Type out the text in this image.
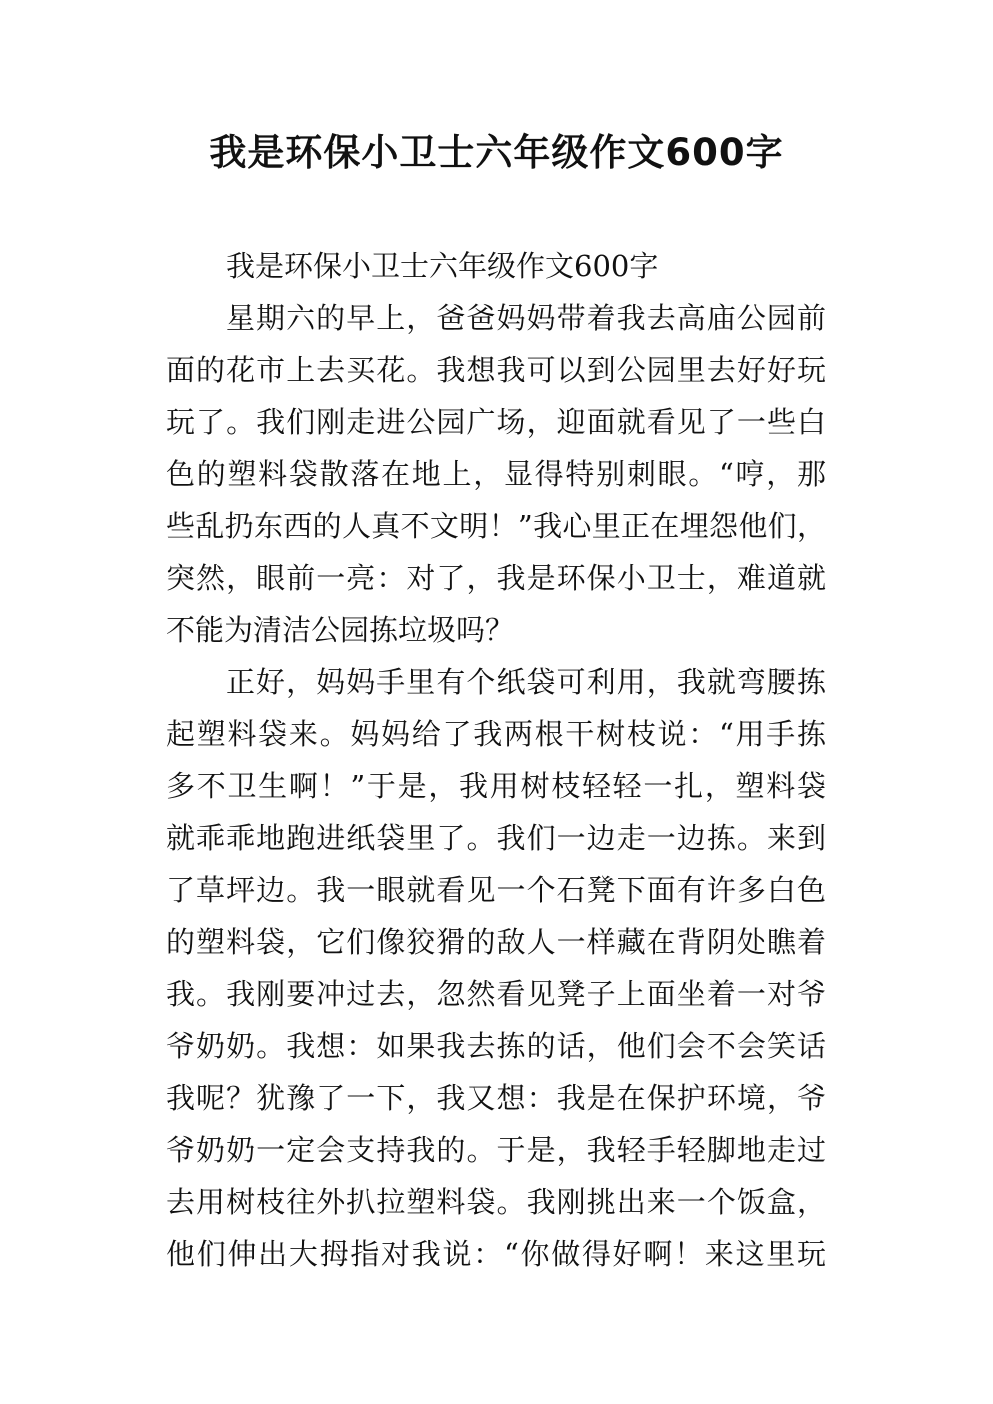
我是环保小卫士六年级作文600字
我是环保小卫士六年级作文600字
星期六的早上，爸爸妈妈带着我去高庙公园前
面的花市上去买花。我想我可以到公园里去好好玩
玩了。我们刚走进公园广场，迎面就看见了一些白
色的塑料袋散落在地上，显得特别刺眼。“哼，那
些乱扔东西的人真不文明！”我心里正在埋怨他们，
突然，眼前一亮：对了，我是环保小卫士，难道就
不能为清洁公园拣垃圾吗？
正好，妈妈手里有个纸袋可利用，我就弯腰拣
起塑料袋来。妈妈给了我两根干树枝说：“用手拣
多不卫生啊！”于是，我用树枝轻轻一扎，塑料袋
就乖乖地跑进纸袋里了。我们一边走一边拣。来到
了草坪边。我一眼就看见一个石凳下面有许多白色
的塑料袋，它们像狡猾的敌人一样藏在背阴处瞧着
我。我刚要冲过去，忽然看见凳子上面坐着一对爷
爷奶奶。我想：如果我去拣的话，他们会不会笑话
我呢？犹豫了一下，我又想：我是在保护环境，爷
爷奶奶一定会支持我的。于是，我轻手轻脚地走过
去用树枝往外扒拉塑料袋。我刚挑出来一个饭盒，
他们伸出大拇指对我说：“你做得好啊！来这里玩
